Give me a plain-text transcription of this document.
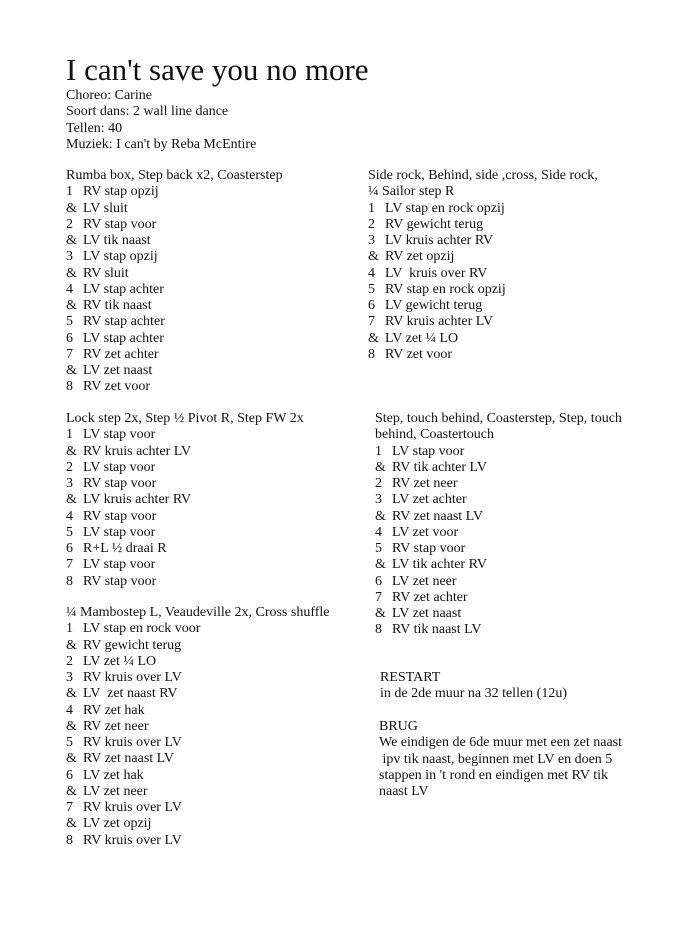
I can't save you no more
Choreo: Carine
Soort dans: 2 wall line dance
Tellen: 40
Muziek: I can't by Reba McEntire
Rumba box, Step back x2, Coasterstep
1 RV stap opzij
& LV sluit
2 RV stap voor
& LV tik naast
3 LV stap opzij
& RV sluit
4 LV stap achter
& RV tik naast
5 RV stap achter
6 LV stap achter
7 RV zet achter
& LV zet naast
8 RV zet voor
Side rock, Behind, side ,cross, Side rock,
¼ Sailor step R
1 LV stap en rock opzij
2 RV gewicht terug
3 LV kruis achter RV
& RV zet opzij
4 LV  kruis over RV
5 RV stap en rock opzij
6 LV gewicht terug
7 RV kruis achter LV
& LV zet ¼ LO
8 RV zet voor
Lock step 2x, Step ½ Pivot R, Step FW 2x
1 LV stap voor
& RV kruis achter LV
2 LV stap voor
3 RV stap voor
& LV kruis achter RV
4 RV stap voor
5 LV stap voor
6 R+L ½ draai R
7 LV stap voor
8 RV stap voor
Step, touch behind, Coasterstep, Step, touch
behind, Coastertouch
1 LV stap voor
& RV tik achter LV
2 RV zet neer
3 LV zet achter
& RV zet naast LV
4 LV zet voor
5 RV stap voor
& LV tik achter RV
6 LV zet neer
7 RV zet achter
& LV zet naast
8 RV tik naast LV
¼ Mambostep L, Veaudeville 2x, Cross shuffle
1 LV stap en rock voor
& RV gewicht terug
2 LV zet ¼ LO
3 RV kruis over LV
& LV  zet naast RV
4 RV zet hak
& RV zet neer
5 RV kruis over LV
& RV zet naast LV
6 LV zet hak
& LV zet neer
7 RV kruis over LV
& LV zet opzij
8 RV kruis over LV
RESTART
in de 2de muur na 32 tellen (12u)
BRUG
We eindigen de 6de muur met een zet naast
ipv tik naast, beginnen met LV en doen 5
stappen in 't rond en eindigen met RV tik
naast LV
